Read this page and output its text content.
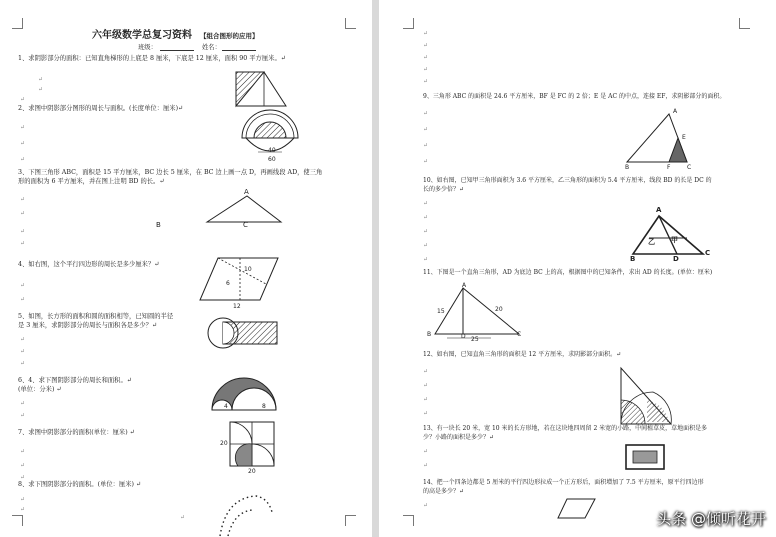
六年级数学总复习资料 【组合图形的应用】
班级：	姓名：
1、求阴影部分的面积：已知直角梯形的上底是 8 厘米，下底是 12 厘米，面积 90 平方厘米。↵
↵
↵
↵
2、求图中阴影部分图形的周长与面积。(长度单位：厘米)↵
40
60
↵
↵
↵
3、下图三角形 ABC，面积是 15 平方厘米，BC 边长 5 厘米，在 BC 边上画一点 D，再画线段 AD，使三角
形的面积为 6 平方厘米，并在图上注明 BD 的长。↵
↵
↵
↵
↵
A
B	C
4、如右图，这个平行四边形的周长是多少厘米？↵
10
6
12
↵
↵
5、如图，长方形的面积和圆的面积相等，已知圆的半径
是 3 厘米，求阴影部分的周长与面积各是多少？↵
↵
↵
↵
6、4、求下图阴影部分的周长和面积。↵
(单位：分米) ↵
4	8
↵
↵
7、求图中阴影部分的面积(单位：厘米) ↵
20
20
↵
↵
↵
8、求下图阴影部分的面积。(单位：厘米) ↵
↵
↵
↵
↵
↵
↵
↵
↵
9、三角形 ABC 的面积是 24.6 平方厘米，BF 是 FC 的 2 倍；E 是 AC 的中点，连接 EF，求阴影部分的面积。
A
B
E
F	C
↵
↵
↵
↵
10、如右图，已知甲三角形面积为 3.6 平方厘米，乙三角形的面积为 5.4 平方厘米，线段 BD 的长是 DC 的
长的多少倍？↵
A
乙 甲
B	D
C
↵
↵
↵
↵
↵
11、下图是一个直角三角形，AD 为底边 BC 上的高，根据图中的已知条件，求出 AD 的长度。(单位：厘米)
A
15	20
B	D 25
C
12、如右图，已知直角三角形的面积是 12 平方厘米，求阴影部分面积。↵
↵
↵
↵
↵
13、有一块长 20 米，宽 10 米的长方形地，若在这块地四周留 2 米宽的小路，中间植草皮，草地面积是多
少？小路的面积是多少？↵
↵
↵
14、把一个四条边都是 5 厘米的平行四边形拉成一个正方形后，面积增加了 7.5 平方厘米，原平行四边形
的高是多少？↵
↵
头条 @倾听花开
